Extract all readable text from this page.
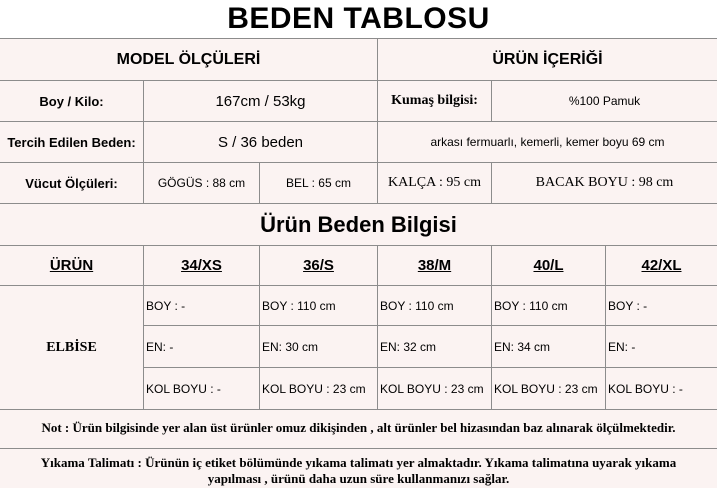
BEDEN TABLOSU
MODEL ÖLÇÜLERİ	ÜRÜN İÇERİĞİ
Boy / Kilo:	167cm / 53kg	Kumaş bilgisi:	%100 Pamuk
Tercih Edilen Beden:	S / 36 beden	arkası fermuarlı, kemerli, kemer boyu 69 cm
Vücut Ölçüleri:	GÖGÜS : 88 cm	BEL : 65 cm	KALÇA : 95 cm	BACAK BOYU : 98 cm
Ürün Beden Bilgisi
ÜRÜN	34/XS	36/S	38/M	40/L	42/XL
ELBİSE
BOY : -	BOY : 110 cm	BOY : 110 cm	BOY : 110 cm	BOY : -
EN: -	EN: 30 cm	EN: 32 cm	EN: 34 cm	EN: -
KOL BOYU : -	KOL BOYU : 23 cm	KOL BOYU : 23 cm KOL BOYU : 23 cm KOL BOYU : -
Not : Ürün bilgisinde yer alan üst ürünler omuz dikişinden , alt ürünler bel hizasından baz alınarak ölçülmektedir.
Yıkama Talimatı : Ürünün iç etiket bölümünde yıkama talimatı yer almaktadır. Yıkama talimatına uyarak yıkama
yapılması , ürünü daha uzun süre kullanmanızı sağlar.
